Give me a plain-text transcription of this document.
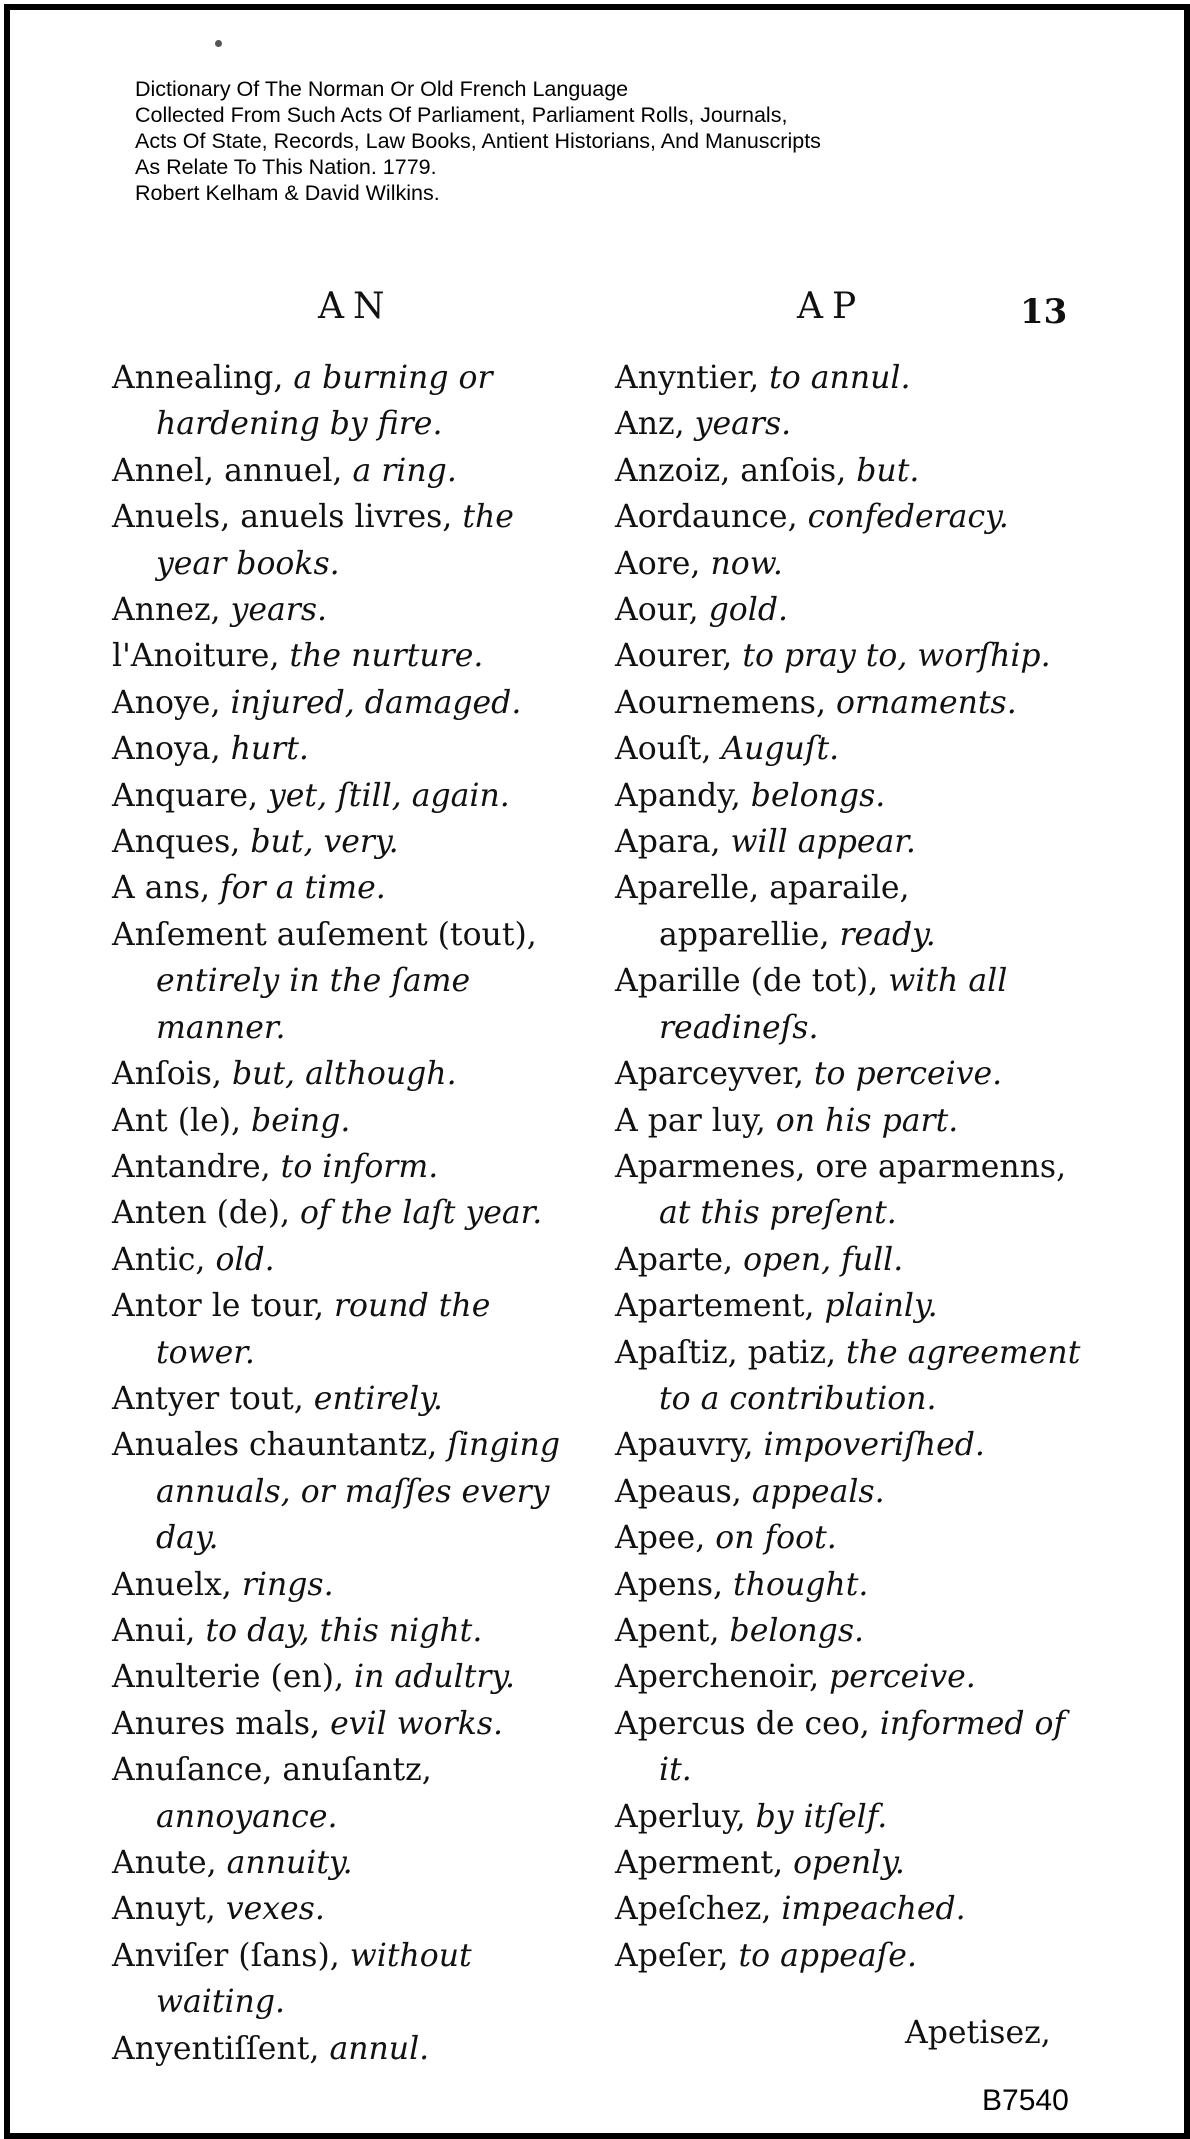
Dictionary Of The Norman Or Old French Language
Collected From Such Acts Of Parliament, Parliament Rolls, Journals,
Acts Of State, Records, Law Books, Antient Historians, And Manuscripts
As Relate To This Nation. 1779.
Robert Kelham & David Wilkins.
AN	AP	13

Annealing, a burning or hardening by fire.

Annel, annuel, a ring.

Anuels, anuels livres, the year books.

Annez, years.

l'Anoiture, the nurture.

Anoye, injured, damaged.

Anoya, hurt.

Anquare, yet, ſtill, again.

Anques, but, very.

A ans, for a time.

Anſement auſement (tout), entirely in the ſame manner.

Anſois, but, although.

Ant (le), being.

Antandre, to inform.

Anten (de), of the laſt year.

Antic, old.

Antor le tour, round the tower.

Antyer tout, entirely.

Anuales chauntantz, ſinging annuals, or maſſes every day.

Anuelx, rings.

Anui, to day, this night.

Anulterie (en), in adultry.

Anures mals, evil works.

Anuſance, anuſantz, annoyance.

Anute, annuity.

Anuyt, vexes.

Anviſer (ſans), without waiting.

Anyentiſſent, annul.

Anyntier, to annul.

Anz, years.

Anzoiz, anſois, but.

Aordaunce, confederacy.

Aore, now.

Aour, gold.

Aourer, to pray to, worſhip.

Aournemens, ornaments.

Aouſt, Auguſt.

Apandy, belongs.

Apara, will appear.

Aparelle, aparaile, apparellie, ready.

Aparille (de tot), with all readineſs.

Aparceyver, to perceive.

A par luy, on his part.

Aparmenes, ore aparmenns, at this preſent.

Aparte, open, full.

Apartement, plainly.

Apaſtiz, patiz, the agreement to a contribution.

Apauvry, impoveriſhed.

Apeaus, appeals.

Apee, on foot.

Apens, thought.

Apent, belongs.

Aperchenoir, perceive.

Apercus de ceo, informed of it.

Aperluy, by itſelf.

Aperment, openly.

Apeſchez, impeached.

Apeſer, to appeaſe.

Apetisez,
B7540
